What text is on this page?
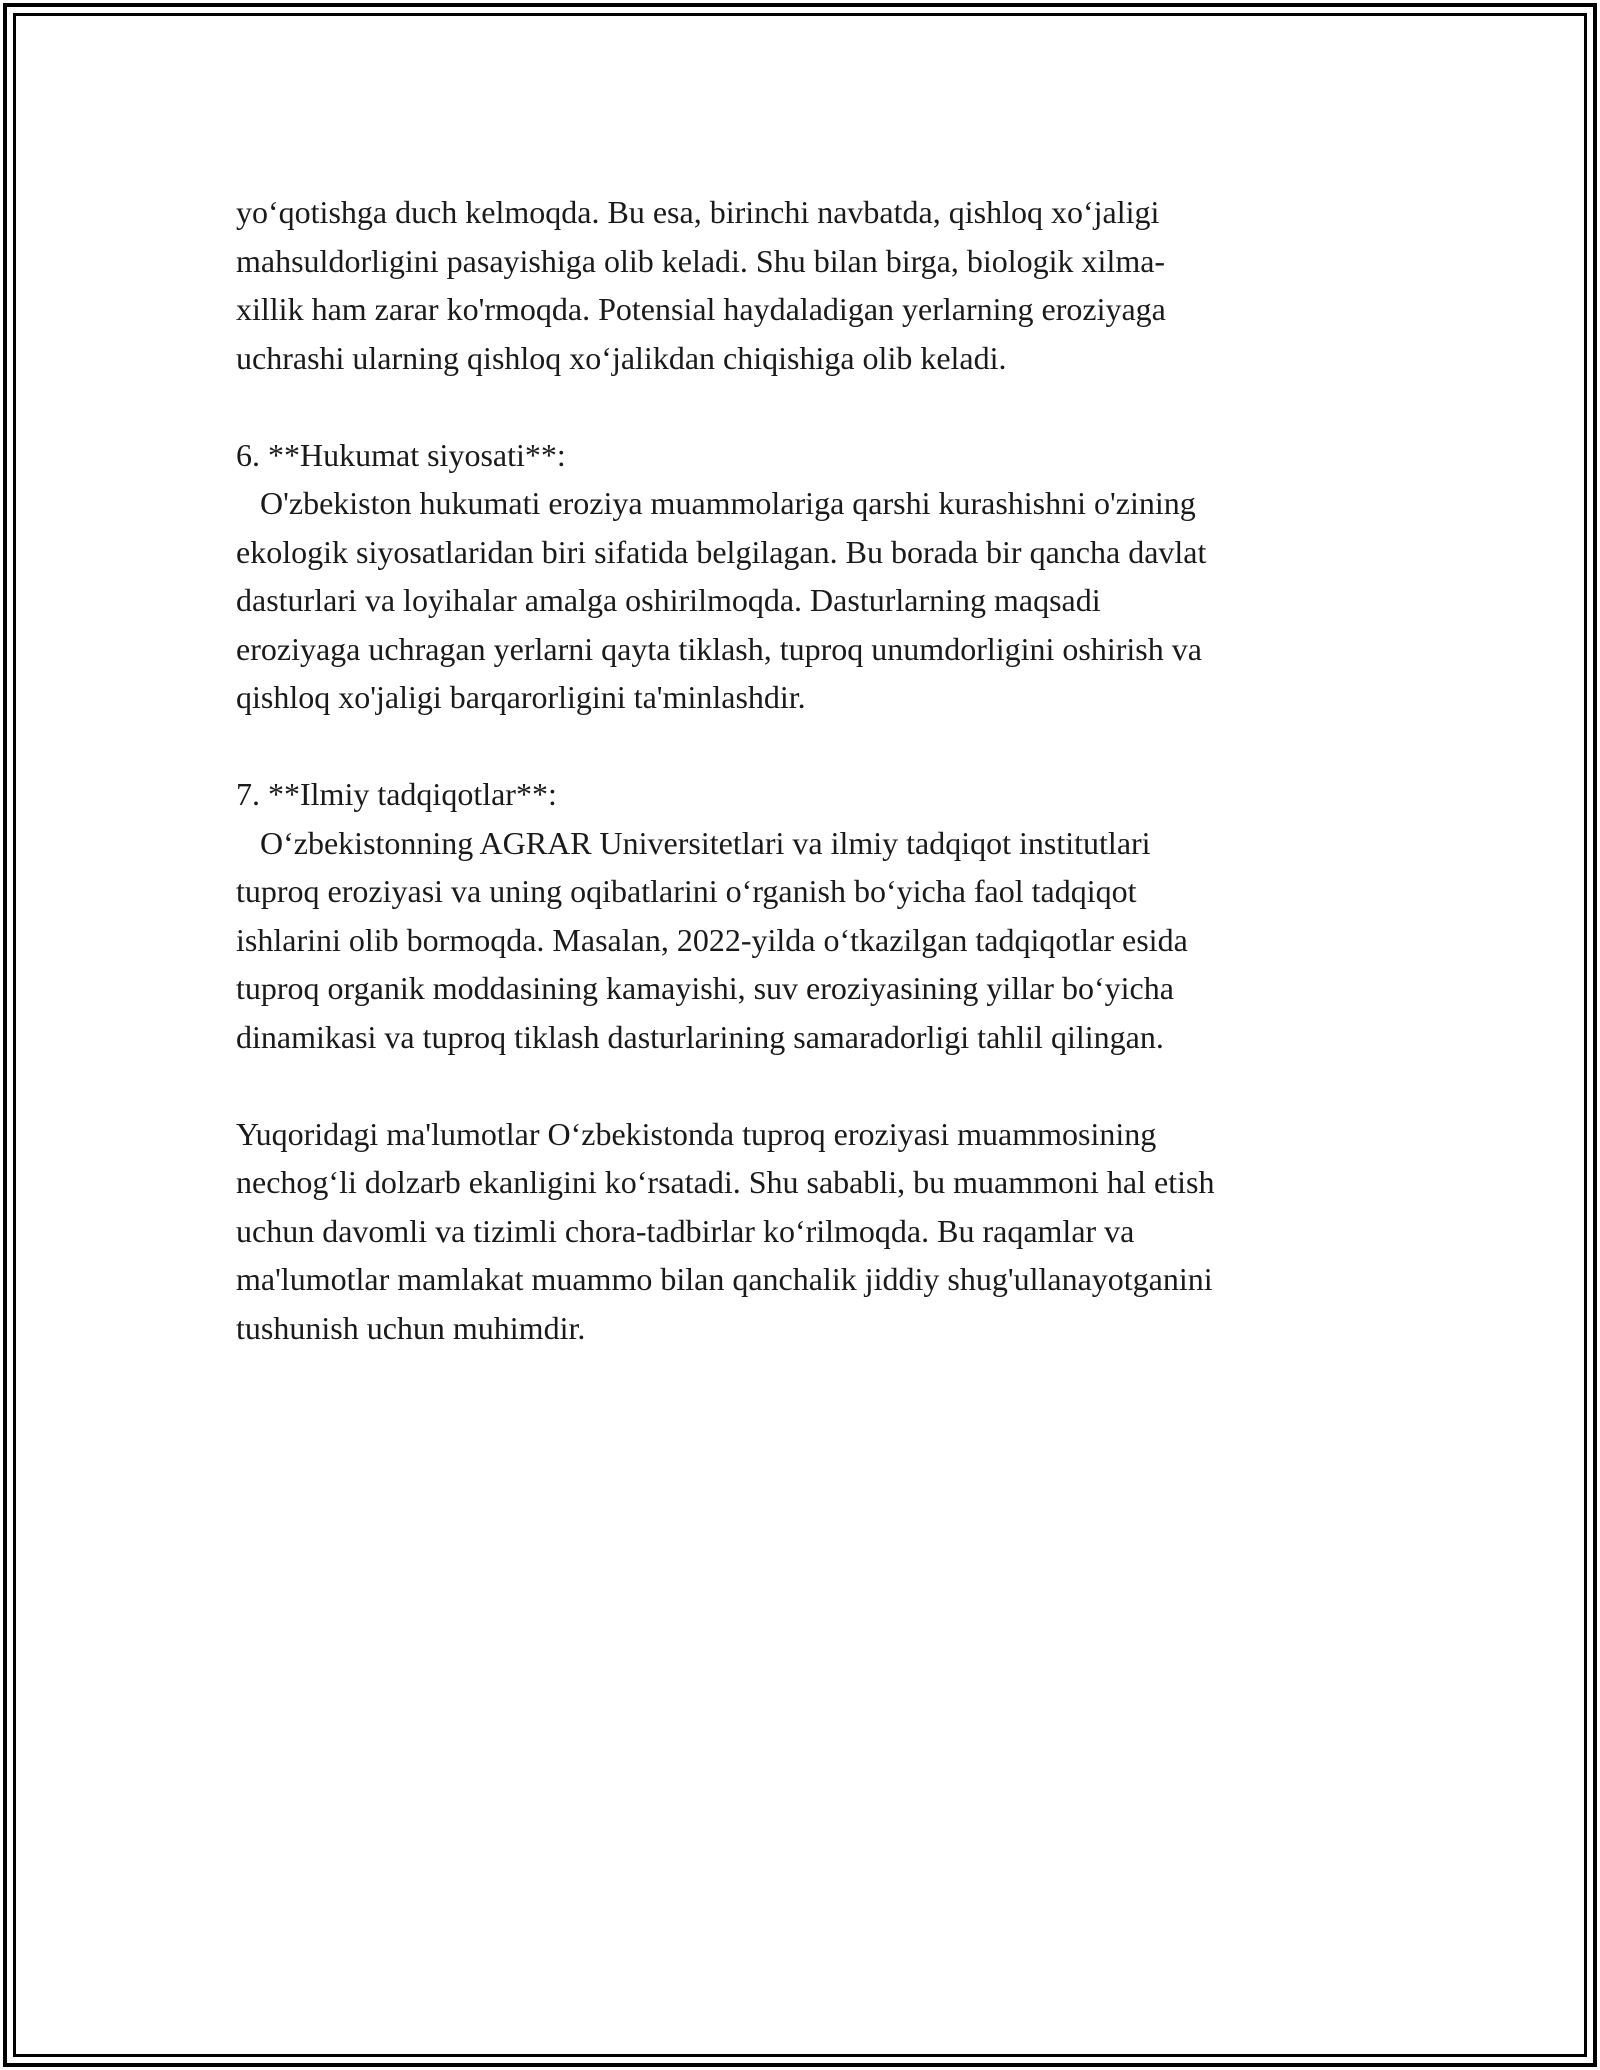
yo‘qotishga duch kelmoqda. Bu esa, birinchi navbatda, qishloq xo‘jaligi
mahsuldorligini pasayishiga olib keladi. Shu bilan birga, biologik xilma-
xillik ham zarar ko'rmoqda. Potensial haydaladigan yerlarning eroziyaga
uchrashi ularning qishloq xo‘jalikdan chiqishiga olib keladi.

6. **Hukumat siyosati**:
O'zbekiston hukumati eroziya muammolariga qarshi kurashishni o'zining
ekologik siyosatlaridan biri sifatida belgilagan. Bu borada bir qancha davlat
dasturlari va loyihalar amalga oshirilmoqda. Dasturlarning maqsadi
eroziyaga uchragan yerlarni qayta tiklash, tuproq unumdorligini oshirish va
qishloq xo'jaligi barqarorligini ta'minlashdir.

7. **Ilmiy tadqiqotlar**:
O‘zbekistonning AGRAR Universitetlari va ilmiy tadqiqot institutlari
tuproq eroziyasi va uning oqibatlarini o‘rganish bo‘yicha faol tadqiqot
ishlarini olib bormoqda. Masalan, 2022-yilda o‘tkazilgan tadqiqotlar esida
tuproq organik moddasining kamayishi, suv eroziyasining yillar bo‘yicha
dinamikasi va tuproq tiklash dasturlarining samaradorligi tahlil qilingan.

Yuqoridagi ma'lumotlar O‘zbekistonda tuproq eroziyasi muammosining
nechog‘li dolzarb ekanligini ko‘rsatadi. Shu sababli, bu muammoni hal etish
uchun davomli va tizimli chora-tadbirlar ko‘rilmoqda. Bu raqamlar va
ma'lumotlar mamlakat muammo bilan qanchalik jiddiy shug'ullanayotganini
tushunish uchun muhimdir.
